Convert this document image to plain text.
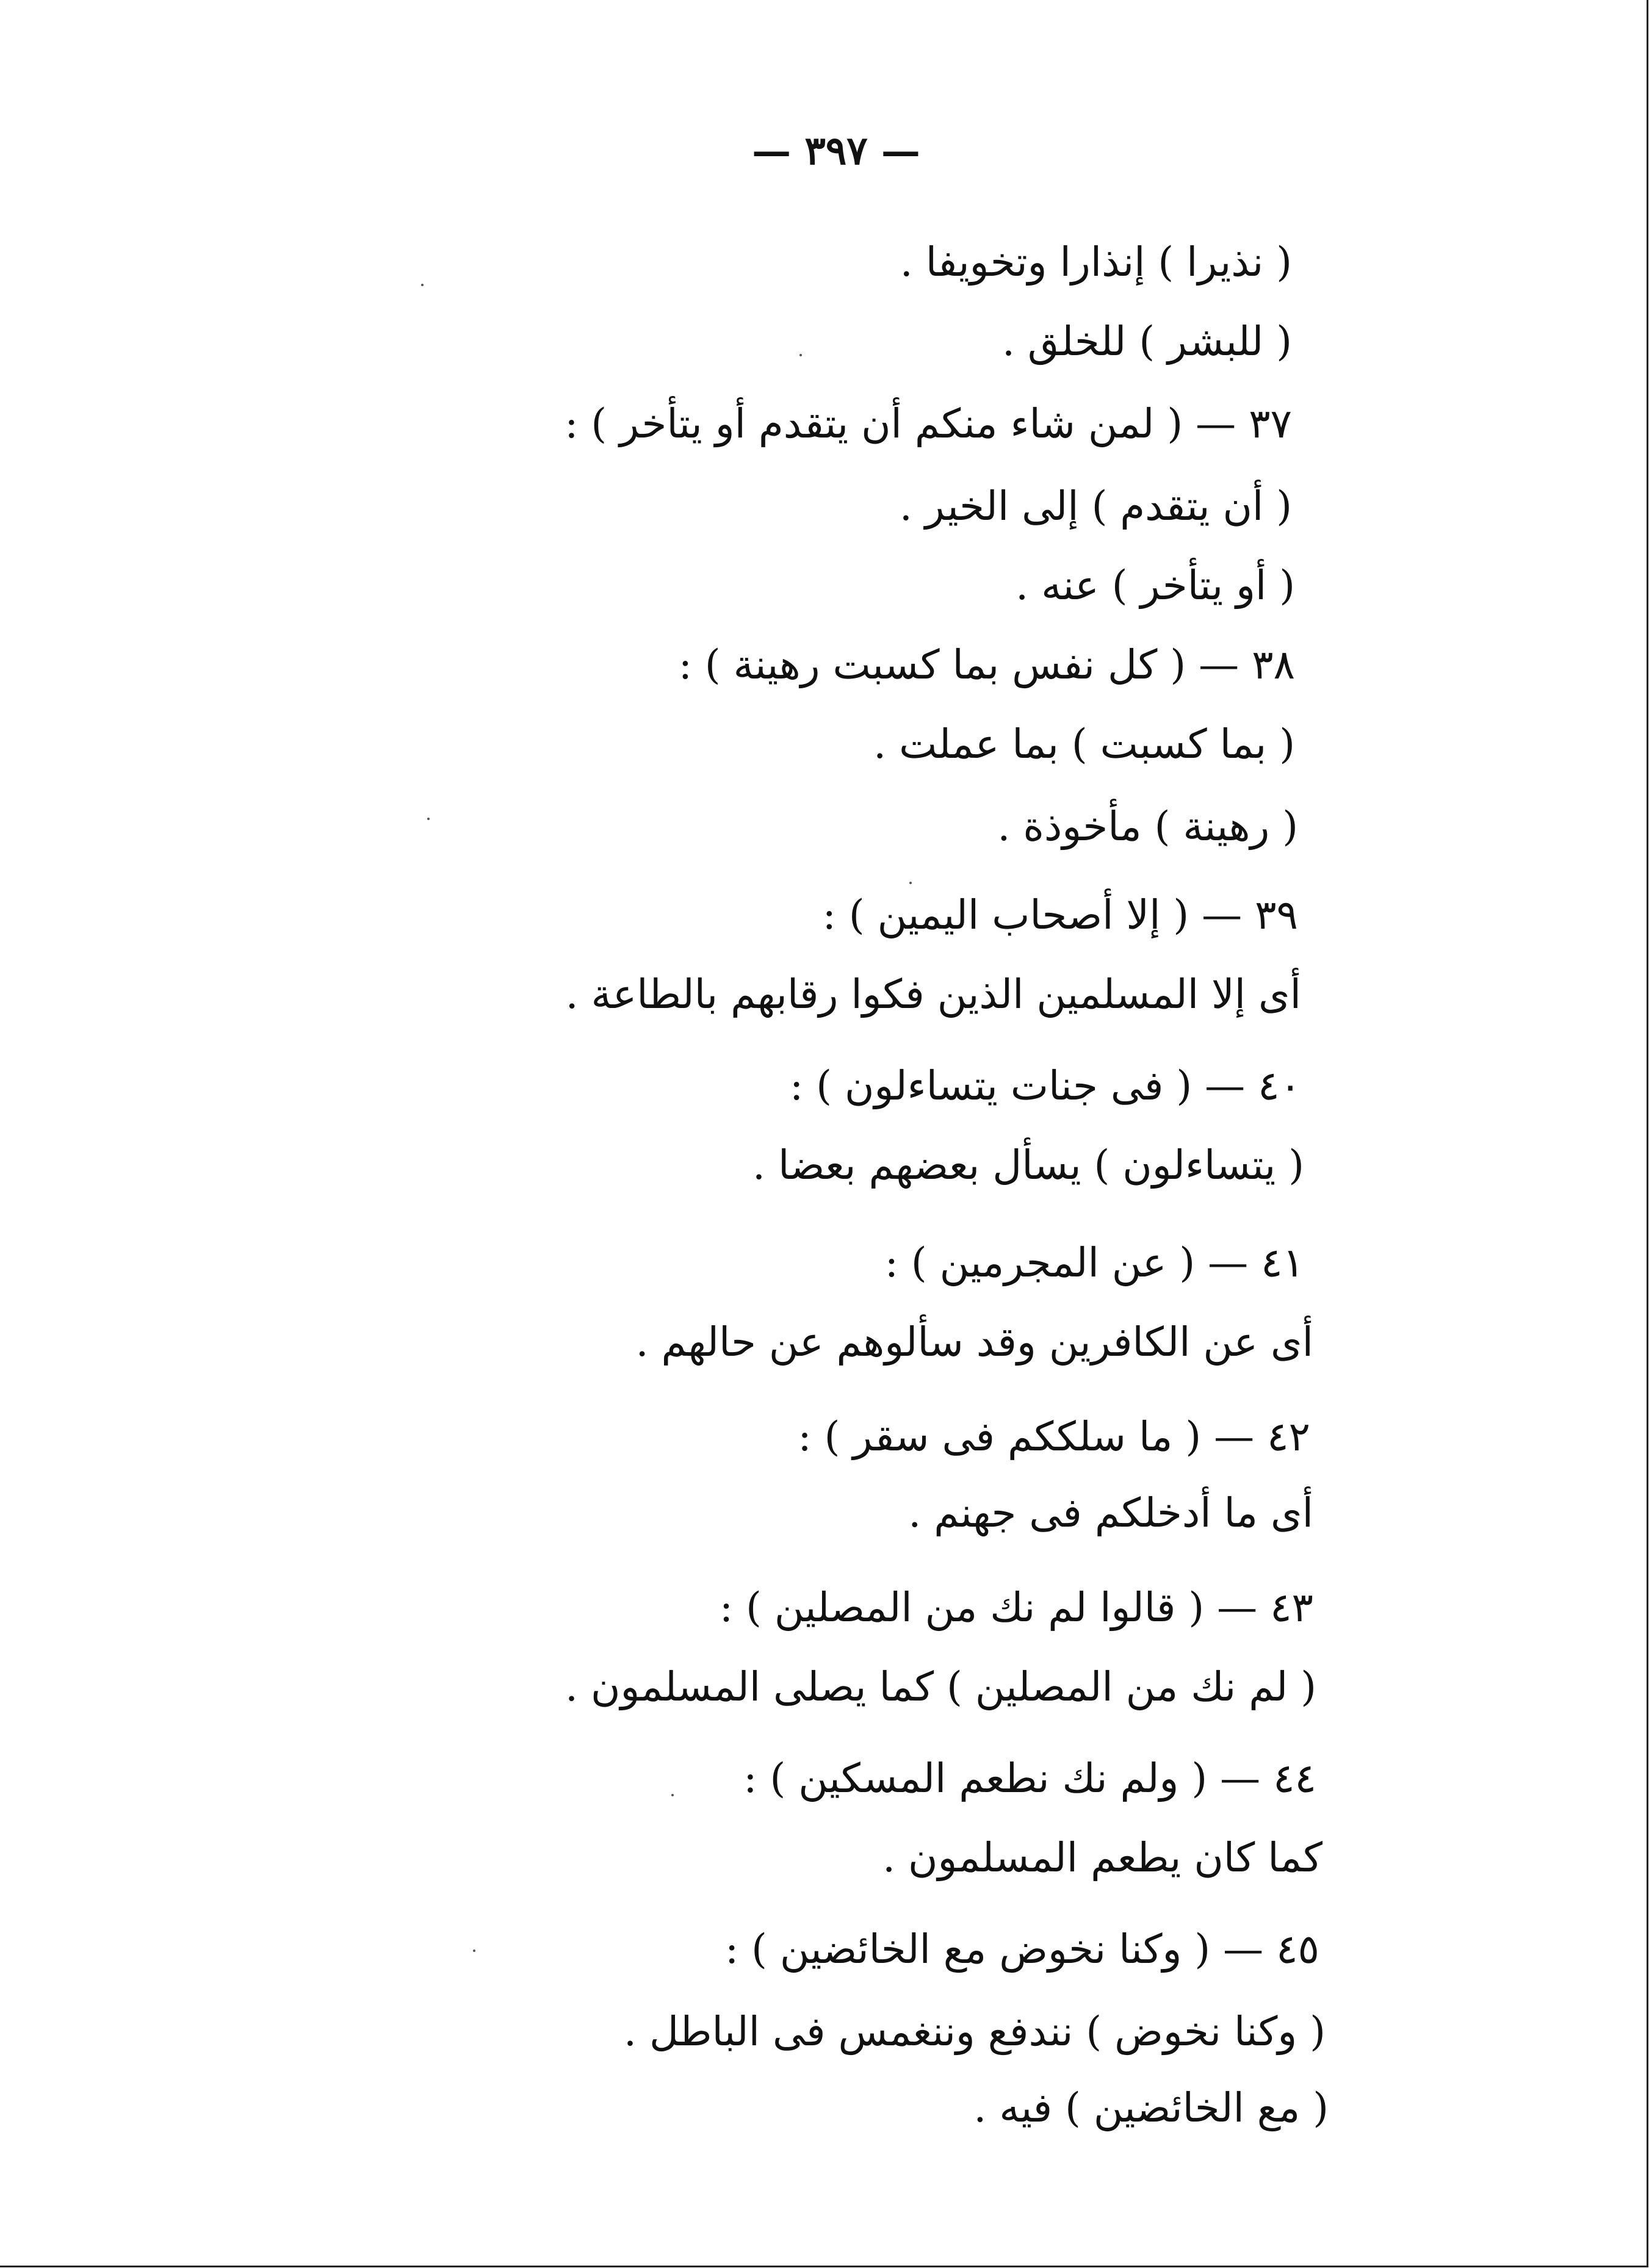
— ٣٩٧ —
( نذيرا ) إنذارا وتخويفا .
( للبشر ) للخلق .
٣٧ — ( لمن شاء منكم أن يتقدم أو يتأخر ) :
( أن يتقدم ) إلى الخير .
( أو يتأخر ) عنه .
٣٨ — ( كل نفس بما كسبت رهينة ) :
( بما كسبت ) بما عملت .
( رهينة ) مأخوذة .
٣٩ — ( إلا أصحاب اليمين ) :
أى إلا المسلمين الذين فكوا رقابهم بالطاعة .
٤٠ — ( فى جنات يتساءلون ) :
( يتساءلون ) يسأل بعضهم بعضا .
٤١ — ( عن المجرمين ) :
أى عن الكافرين وقد سألوهم عن حالهم .
٤٢ — ( ما سلككم فى سقر ) :
أى ما أدخلكم فى جهنم .
٤٣ — ( قالوا لم نك من المصلين ) :
( لم نك من المصلين ) كما يصلى المسلمون .
٤٤ — ( ولم نك نطعم المسكين ) :
كما كان يطعم المسلمون .
٤٥ — ( وكنا نخوض مع الخائضين ) :
( وكنا نخوض ) نندفع وننغمس فى الباطل .
( مع الخائضين ) فيه .
